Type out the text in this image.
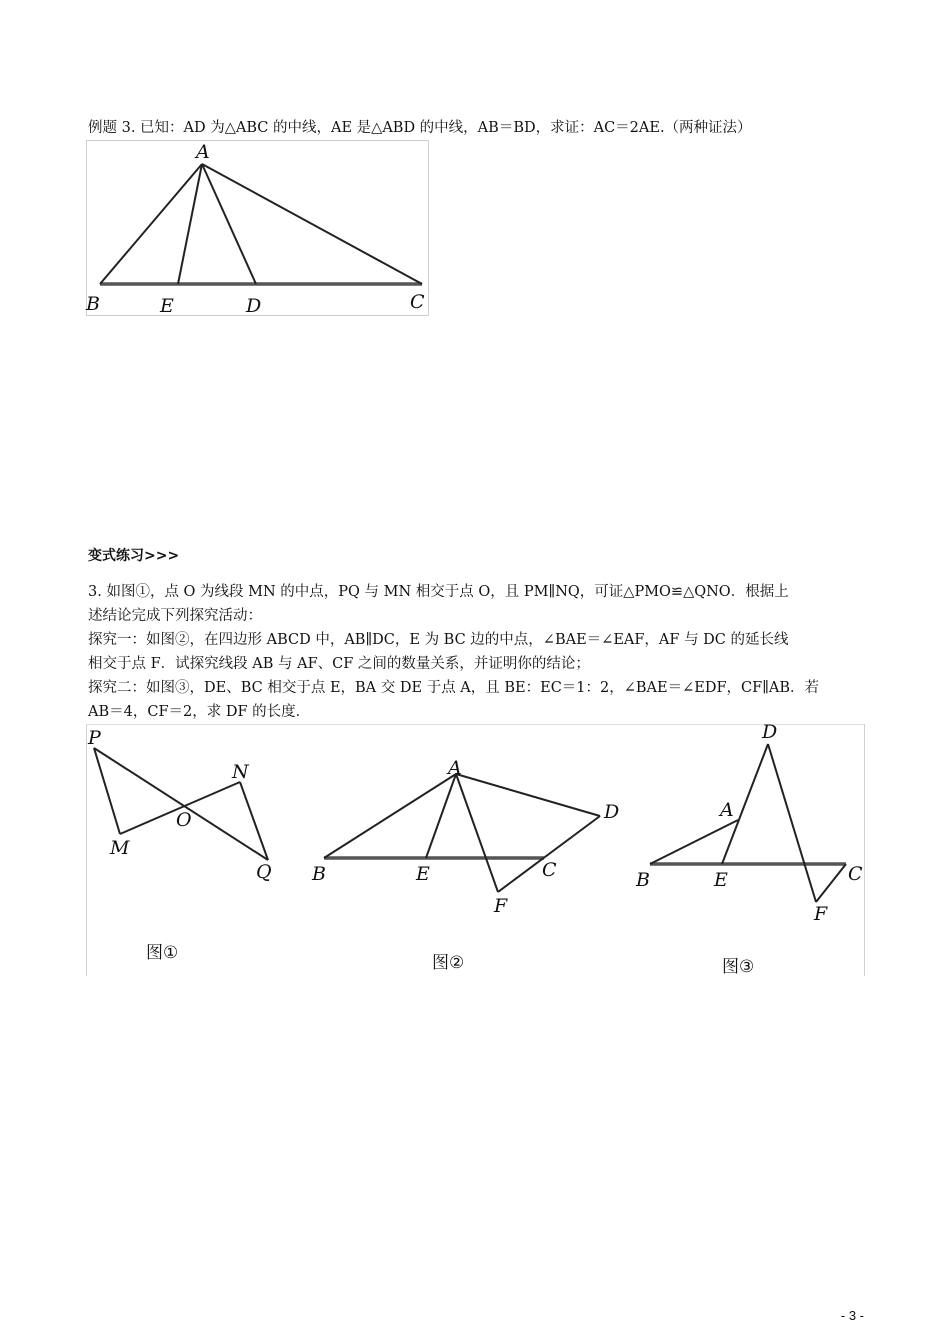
例题 3. 已知：AD 为△ABC 的中线，AE 是△ABD 的中线，AB＝BD，求证：AC＝2AE.（两种证法）
A
B	E	D	C
变式练习>>>
3. 如图①，点 O 为线段 MN 的中点，PQ 与 MN 相交于点 O，且 PM∥NQ，可证△PMO≌△QNO．根据上
述结论完成下列探究活动：
探究一：如图②，在四边形 ABCD 中，AB∥DC，E 为 BC 边的中点，∠BAE＝∠EAF，AF 与 DC 的延长线
相交于点 F．试探究线段 AB 与 AF、CF 之间的数量关系，并证明你的结论；
探究二：如图③，DE、BC 相交于点 E，BA 交 DE 于点 A，且 BE：EC＝1：2，∠BAE＝∠EDF，CF∥AB．若
AB＝4，CF＝2，求 DF 的长度．
P
N
O
M
Q
图①
A
D
B	E	C
F
图②
D
A
B	E	C
F
图③
- 3 -
